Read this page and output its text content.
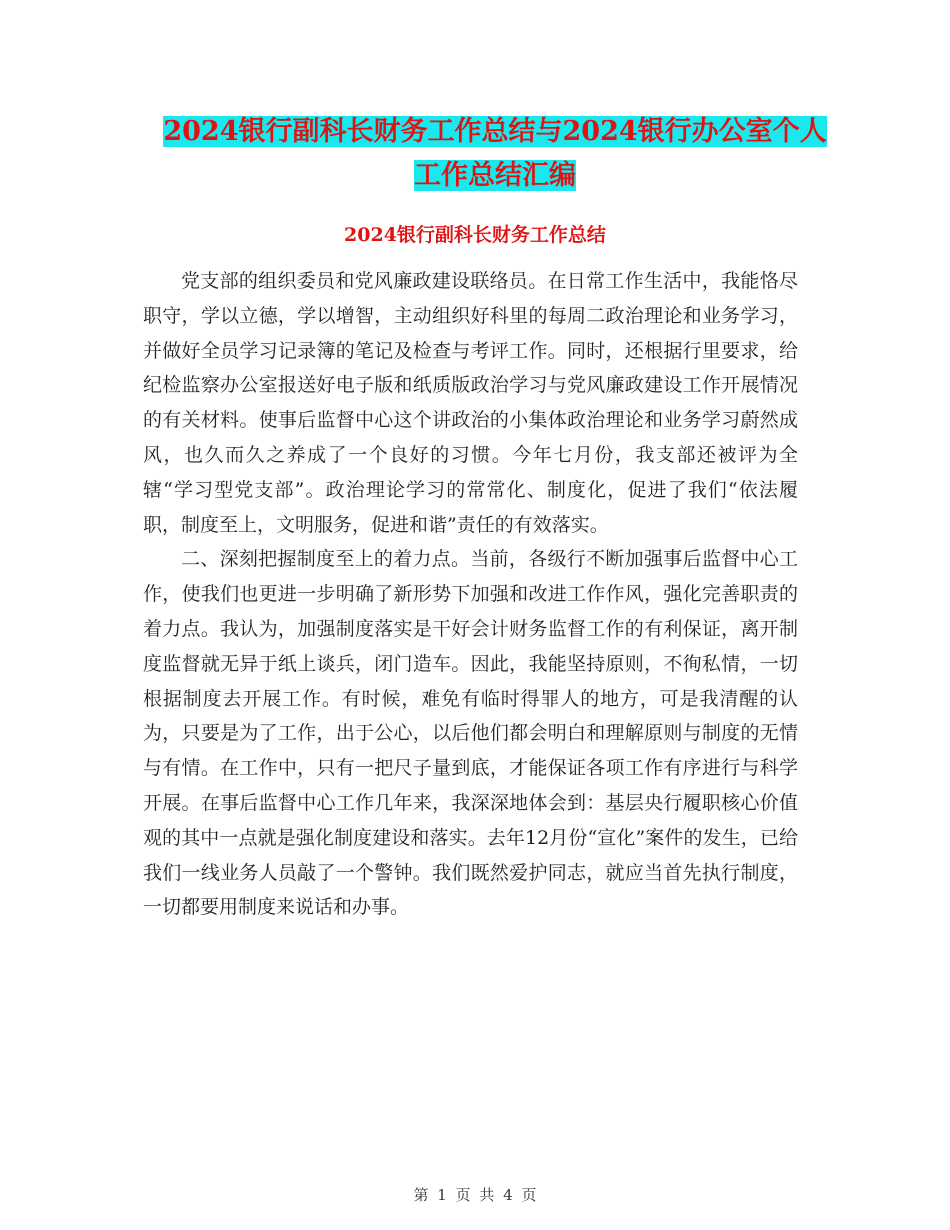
2024银行副科长财务工作总结与2024银行办公室个人
工作总结汇编
2024银行副科长财务工作总结

党支部的组织委员和党风廉政建设联络员。在日常工作生活中，我能恪尽职守，学以立德，学以增智，主动组织好科里的每周二政治理论和业务学习，并做好全员学习记录簿的笔记及检查与考评工作。同时，还根据行里要求，给纪检监察办公室报送好电子版和纸质版政治学习与党风廉政建设工作开展情况的有关材料。使事后监督中心这个讲政治的小集体政治理论和业务学习蔚然成风，也久而久之养成了一个良好的习惯。今年七月份，我支部还被评为全辖“学习型党支部”。政治理论学习的常常化、制度化，促进了我们“依法履职，制度至上，文明服务，促进和谐”责任的有效落实。

二、深刻把握制度至上的着力点。当前，各级行不断加强事后监督中心工作，使我们也更进一步明确了新形势下加强和改进工作作风，强化完善职责的着力点。我认为，加强制度落实是干好会计财务监督工作的有利保证，离开制度监督就无异于纸上谈兵，闭门造车。因此，我能坚持原则，不徇私情，一切根据制度去开展工作。有时候，难免有临时得罪人的地方，可是我清醒的认为，只要是为了工作，出于公心，以后他们都会明白和理解原则与制度的无情与有情。在工作中，只有一把尺子量到底，才能保证各项工作有序进行与科学开展。在事后监督中心工作几年来，我深深地体会到：基层央行履职核心价值观的其中一点就是强化制度建设和落实。去年12月份“宣化”案件的发生，已给我们一线业务人员敲了一个警钟。我们既然爱护同志，就应当首先执行制度，一切都要用制度来说话和办事。

第 1 页 共 4 页
